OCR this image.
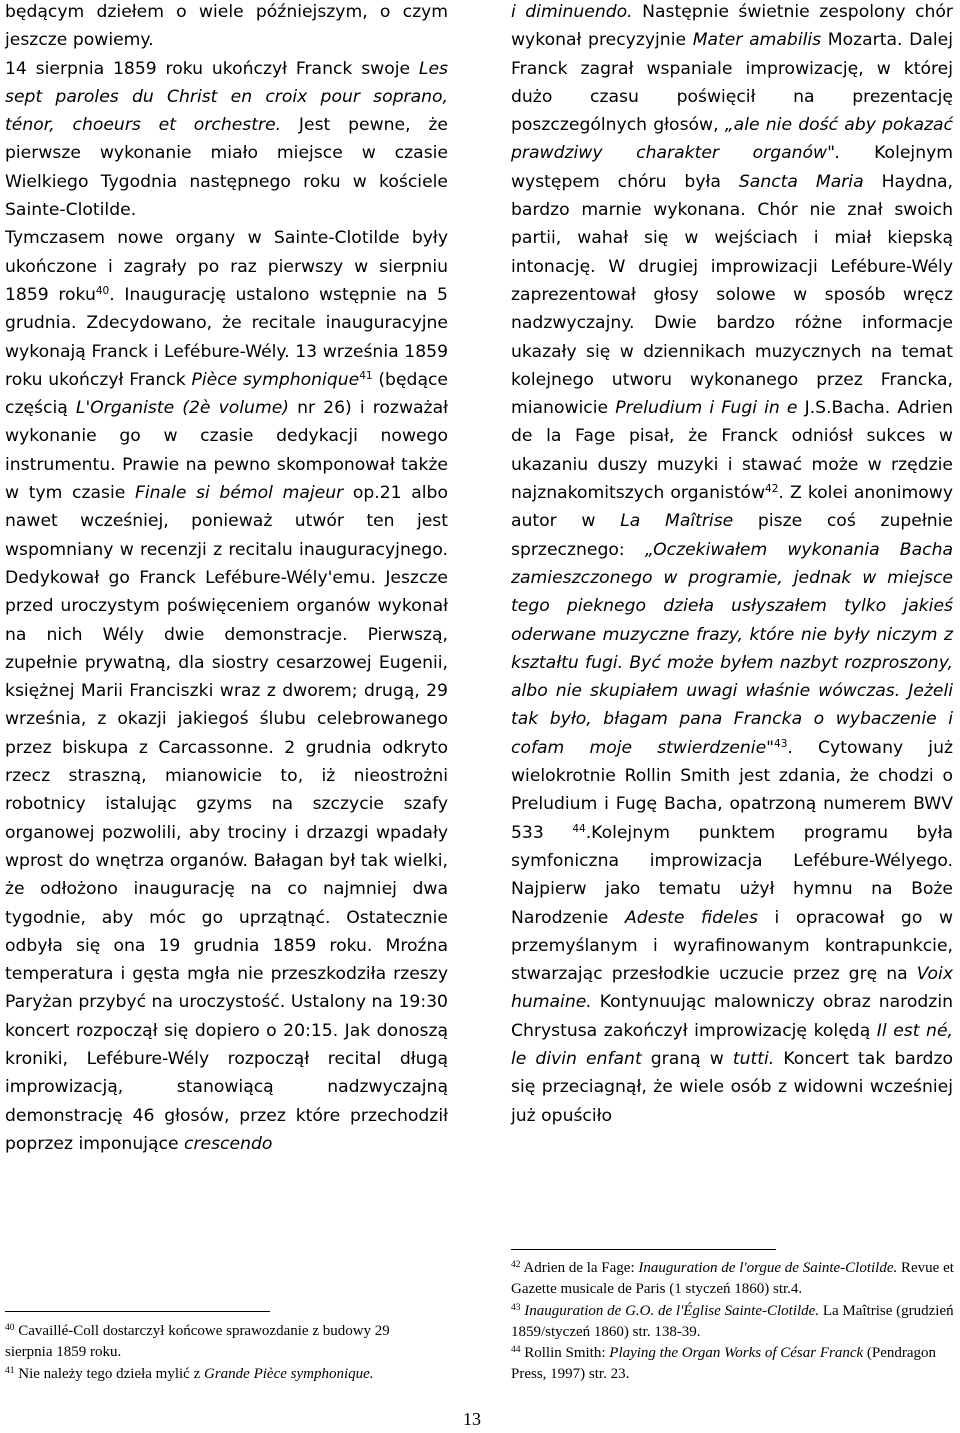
będącym dziełem o wiele późniejszym, o czym jeszcze powiemy.
14 sierpnia 1859 roku ukończył Franck swoje Les sept paroles du Christ en croix pour soprano, ténor, choeurs et orchestre. Jest pewne, że pierwsze wykonanie miało miejsce w czasie Wielkiego Tygodnia następnego roku w kościele Sainte-Clotilde.

Tymczasem nowe organy w Sainte-Clotilde były ukończone i zagrały po raz pierwszy w sierpniu 1859 roku$^{40}$. Inaugurację ustalono wstępnie na 5 grudnia. Zdecydowano, że recitale inauguracyjne wykonają Franck i Lefébure-Wély. 13 września 1859 roku ukończył Franck Pièce symphonique$^{41}$ (będące częścią L'Organiste (2è volume) nr 26) i rozważał wykonanie go w czasie dedykacji nowego instrumentu. Prawie na pewno skomponował także w tym czasie Finale si bémol majeur op.21 albo nawet wcześniej, ponieważ utwór ten jest wspomniany w recenzji z recitalu inauguracyjnego. Dedykował go Franck Lefébure-Wély'emu. Jeszcze przed uroczystym poświęceniem organów wykonał na nich Wély dwie demonstracje. Pierwszą, zupełnie prywatną, dla siostry cesarzowej Eugenii, księżnej Marii Franciszki wraz z dworem; drugą, 29 września, z okazji jakiegoś ślubu celebrowanego przez biskupa z Carcassonne. 2 grudnia odkryto rzecz straszną, mianowicie to, iż nieostrożni robotnicy istalując gzyms na szczycie szafy organowej pozwolili, aby trociny i drzazgi wpadały wprost do wnętrza organów. Bałagan był tak wielki, że odłożono inaugurację na co najmniej dwa tygodnie, aby móc go uprzątnąć. Ostatecznie odbyła się ona 19 grudnia 1859 roku. Mroźna temperatura i gęsta mgła nie przeszkodziła rzeszy Paryżan przybyć na uroczystość. Ustalony na 19:30 koncert rozpoczął się dopiero o 20:15. Jak donoszą kroniki, Lefébure-Wély rozpoczął recital długą improwizacją, stanowiącą nadzwyczajną demonstrację 46 głosów, przez które przechodził poprzez imponujące crescendo

i diminuendo. Następnie świetnie zespolony chór wykonał precyzyjnie Mater amabilis Mozarta. Dalej Franck zagrał wspaniale improwizację, w której dużo czasu poświęcił na prezentację poszczególnych głosów, „ale nie dość aby pokazać prawdziwy charakter organów". Kolejnym występem chóru była Sancta Maria Haydna, bardzo marnie wykonana. Chór nie znał swoich partii, wahał się w wejściach i miał kiepską intonację. W drugiej improwizacji Lefébure-Wély zaprezentował głosy solowe w sposób wręcz nadzwyczajny. Dwie bardzo różne informacje ukazały się w dziennikach muzycznych na temat kolejnego utworu wykonanego przez Francka, mianowicie Preludium i Fugi in e J.S.Bacha. Adrien de la Fage pisał, że Franck odniósł sukces w ukazaniu duszy muzyki i stawać może w rzędzie najznakomitszych organistów$^{42}$. Z kolei anonimowy autor w La Maîtrise pisze coś zupełnie sprzecznego: „Oczekiwałem wykonania Bacha zamieszczonego w programie, jednak w miejsce tego pieknego dzieła usłyszałem tylko jakieś oderwane muzyczne frazy, które nie były niczym z kształtu fugi. Być może byłem nazbyt rozproszony, albo nie skupiałem uwagi właśnie wówczas. Jeżeli tak było, błagam pana Francka o wybaczenie i cofam moje stwierdzenie"$^{43}$. Cytowany już wielokrotnie Rollin Smith jest zdania, że chodzi o Preludium i Fugę Bacha, opatrzoną numerem BWV 533 $^{44}$.Kolejnym punktem programu była symfoniczna improwizacja Lefébure-Wélyego. Najpierw jako tematu użył hymnu na Boże Narodzenie Adeste fideles i opracował go w przemyślanym i wyrafinowanym kontrapunkcie, stwarzając przesłodkie uczucie przez grę na Voix humaine. Kontynuując malowniczy obraz narodzin Chrystusa zakończył improwizację kolędą Il est né, le divin enfant graną w tutti. Koncert tak bardzo się przeciagnął, że wiele osób z widowni wcześniej już opuściło

$^{40}$ Cavaillé-Coll dostarczył końcowe sprawozdanie z budowy 29 sierpnia 1859 roku.

$^{41}$ Nie należy tego dzieła mylić z Grande Pièce symphonique.

$^{42}$ Adrien de la Fage: Inauguration de l'orgue de Sainte-Clotilde. Revue et Gazette musicale de Paris (1 styczeń 1860) str.4.

$^{43}$ Inauguration de G.O. de l'Église Sainte-Clotilde. La Maîtrise (grudzień 1859/styczeń 1860) str. 138-39.

$^{44}$ Rollin Smith: Playing the Organ Works of César Franck (Pendragon Press, 1997) str. 23.

13
